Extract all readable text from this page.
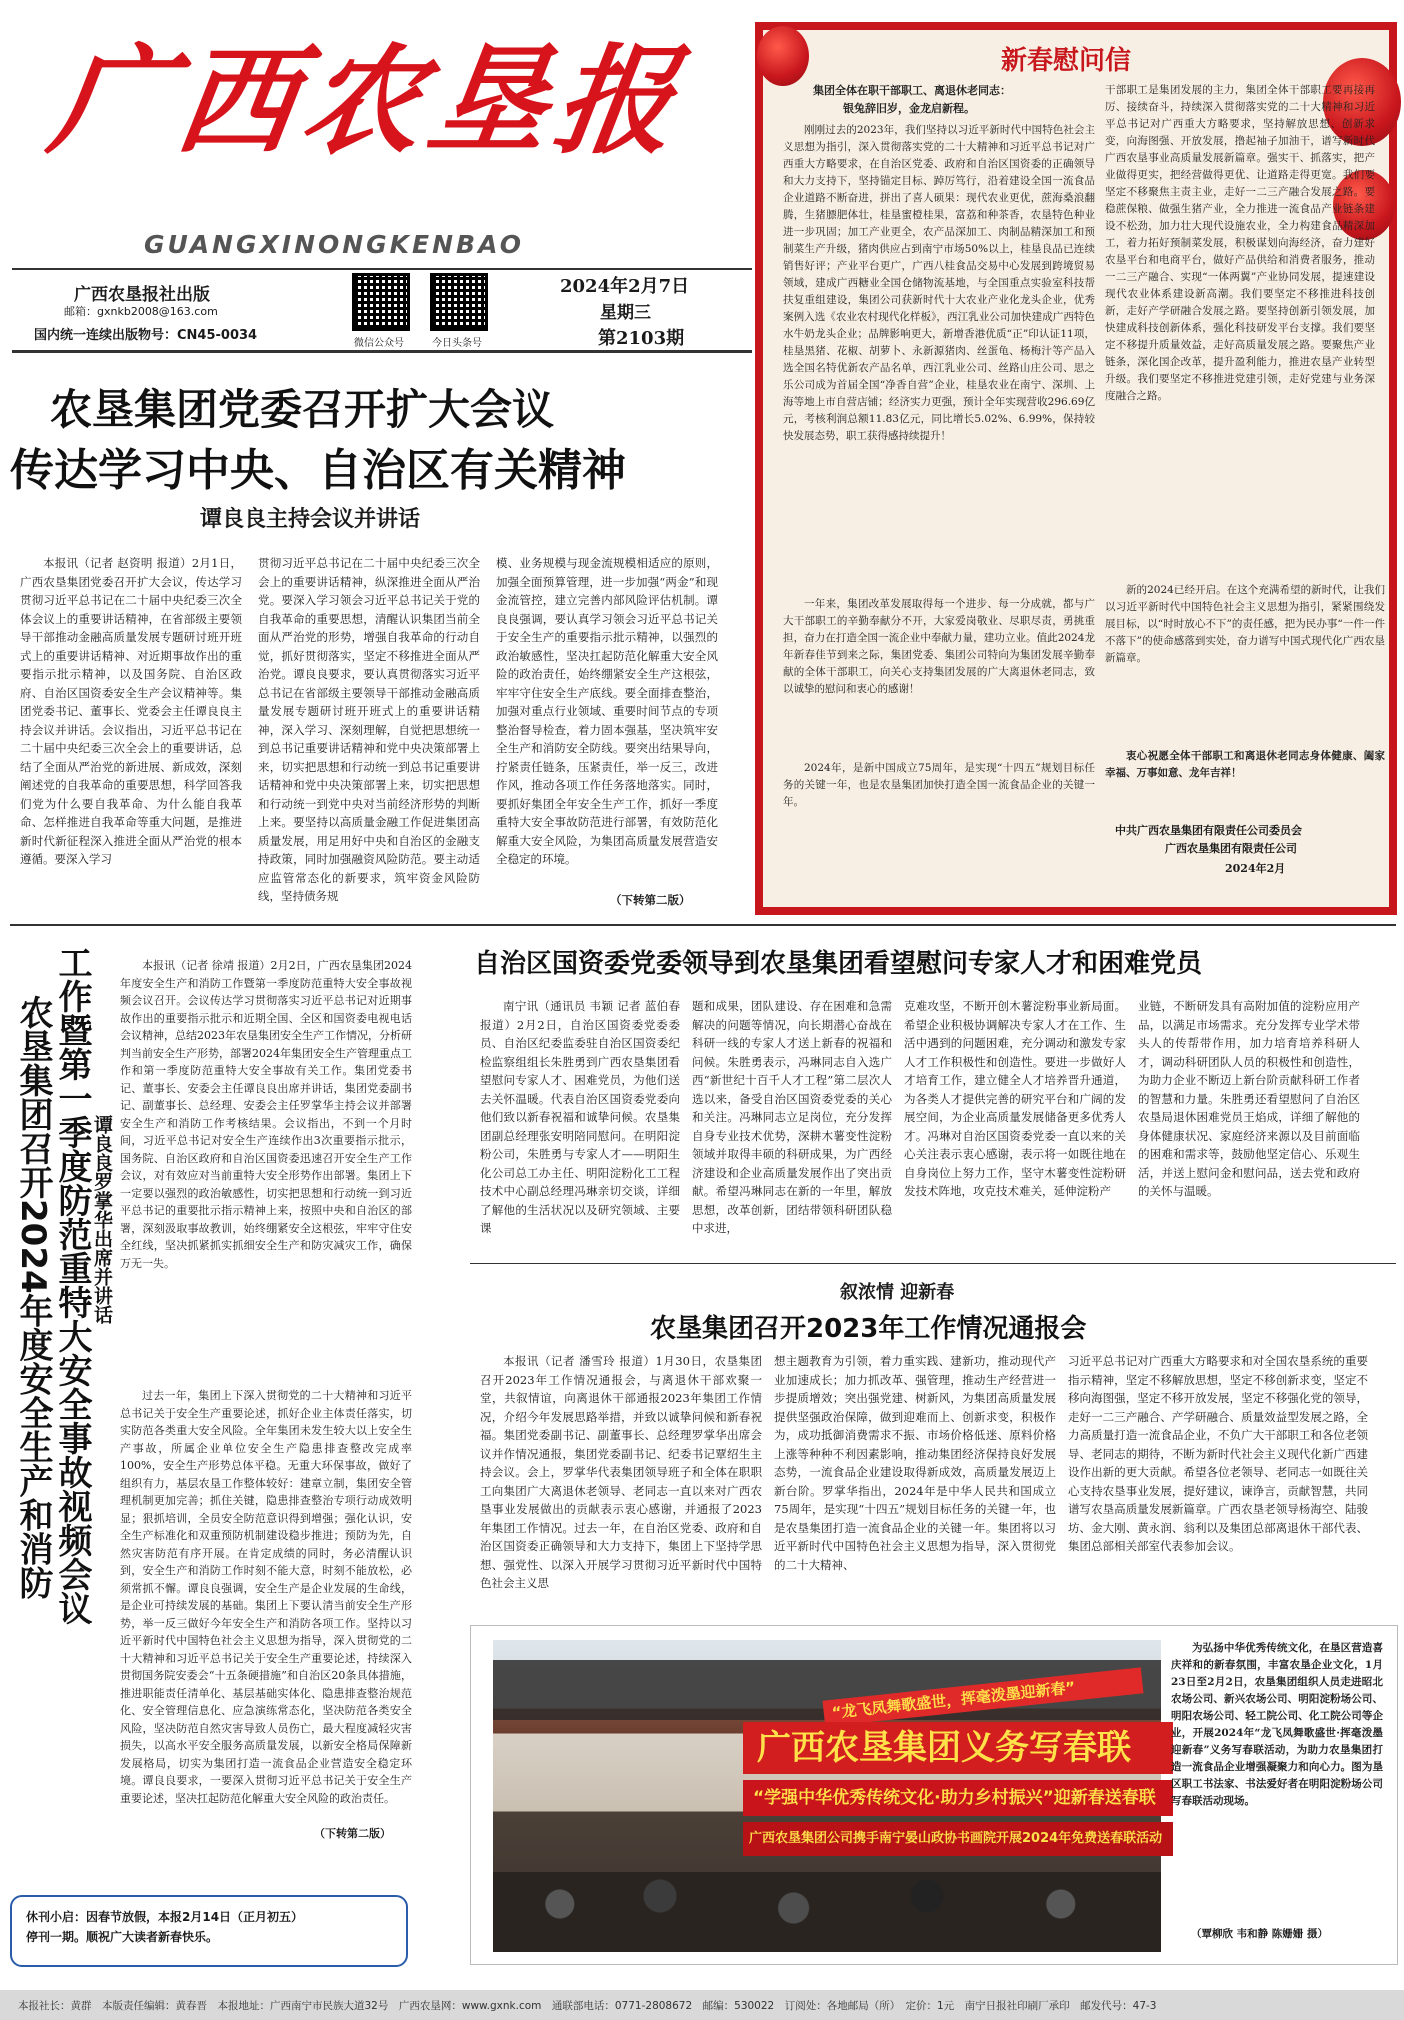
广西农垦报
GUANGXINONGKENBAO
广西农垦报社出版
邮箱：gxnkb2008@163.com
国内统一连续出版物号：CN45-0034
微信公众号	今日头条号
2024年2月7日
星期三
第2103期
农垦集团党委召开扩大会议
传达学习中央、自治区有关精神
谭良良主持会议并讲话
本报讯（记者 赵资明 报道）2月1日，广西农垦集团党委召开扩大会议，传达学习贯彻习近平总书记在二十届中央纪委三次全体会议上的重要讲话精神，在省部级主要领导干部推动金融高质量发展专题研讨班开班式上的重要讲话精神、对近期事故作出的重要指示批示精神，以及国务院、自治区政府、自治区国资委安全生产会议精神等。集团党委书记、董事长、党委会主任谭良良主持会议并讲话。会议指出，习近平总书记在二十届中央纪委三次全会上的重要讲话，总结了全面从严治党的新进展、新成效，深刻阐述党的自我革命的重要思想，科学回答我们党为什么要自我革命、为什么能自我革命、怎样推进自我革命等重大问题，是推进新时代新征程深入推进全面从严治党的根本遵循。要深入学习
贯彻习近平总书记在二十届中央纪委三次全会上的重要讲话精神，纵深推进全面从严治党。要深入学习领会习近平总书记关于党的自我革命的重要思想，清醒认识集团当前全面从严治党的形势，增强自我革命的行动自觉，抓好贯彻落实，坚定不移推进全面从严治党。谭良良要求，要认真贯彻落实习近平总书记在省部级主要领导干部推动金融高质量发展专题研讨班开班式上的重要讲话精神，深入学习、深刻理解，自觉把思想统一到总书记重要讲话精神和党中央决策部署上来，切实把思想和行动统一到总书记重要讲话精神和党中央决策部署上来，切实把思想和行动统一到党中央对当前经济形势的判断上来。要坚持以高质量金融工作促进集团高质量发展，用足用好中央和自治区的金融支持政策，同时加强融资风险防范。要主动适应监管常态化的新要求，筑牢资金风险防线，坚持债务规
模、业务规模与现金流规模相适应的原则，加强全面预算管理，进一步加强“两金”和现金流管控，建立完善内部风险评估机制。谭良良强调，要认真学习领会习近平总书记关于安全生产的重要指示批示精神，以强烈的政治敏感性，坚决扛起防范化解重大安全风险的政治责任，始终绷紧安全生产这根弦，牢牢守住安全生产底线。要全面排查整治，加强对重点行业领域、重要时间节点的专项整治督导检查，着力固本强基，坚决筑牢安全生产和消防安全防线。要突出结果导向，拧紧责任链条，压紧责任，举一反三，改进作风，推动各项工作任务落地落实。同时，要抓好集团全年安全生产工作，抓好一季度重特大安全事故防范进行部署，有效防范化解重大安全风险，为集团高质量发展营造安全稳定的环境。
（下转第二版）
新春慰问信
集团全体在职干部职工、离退休老同志：
银兔辞旧岁，金龙启新程。
刚刚过去的2023年，我们坚持以习近平新时代中国特色社会主义思想为指引，深入贯彻落实党的二十大精神和习近平总书记对广西重大方略要求，在自治区党委、政府和自治区国资委的正确领导和大力支持下，坚持锚定目标、踔厉笃行，沿着建设全国一流食品企业道路不断奋进，拼出了喜人硕果：现代农业更优，蔗海桑浪翻腾，生猪膘肥体壮，桂垦蜜橙桂果，富荔和种茶香，农垦特色种业进一步巩固；加工产业更全，农产品深加工、肉制品精深加工和预制菜生产升级，猪肉供应占到南宁市场50%以上，桂垦良品已连续销售好评；产业平台更广，广西八桂食品交易中心发展到跨境贸易领域，建成广西糖业全国仓储物流基地，与全国重点实验室科技帮扶复重组建设，集团公司获新时代十大农业产业化龙头企业，优秀案例入选《农业农村现代化样板》，西江乳业公司加快建成广西特色水牛奶龙头企业；品牌影响更大，新增香港优质“正”印认证11项，桂垦黑猪、花椒、胡萝卜、永新源猪肉、丝蛋龟、杨梅汁等产品入选全国名特优新农产品名单，西江乳业公司、丝路山庄公司、思之乐公司成为首届全国“净香自营”企业，桂垦农业在南宁、深圳、上海等地上市自营店铺；经济实力更强，预计全年实现营收296.69亿元，考核利润总额11.83亿元，同比增长5.02%、6.99%，保持较快发展态势，职工获得感持续提升！
一年来，集团改革发展取得每一个进步、每一分成就，都与广大干部职工的辛勤奉献分不开，大家爱岗敬业、尽职尽责，勇挑重担，奋力在打造全国一流企业中奉献力量，建功立业。值此2024龙年新春佳节到来之际，集团党委、集团公司特向为集团发展辛勤奉献的全体干部职工，向关心支持集团发展的广大离退休老同志，致以诚挚的慰问和衷心的感谢！
2024年，是新中国成立75周年，是实现“十四五”规划目标任务的关键一年，也是农垦集团加快打造全国一流食品企业的关键一年。
干部职工是集团发展的主力，集团全体干部职工要再接再厉、接续奋斗，持续深入贯彻落实党的二十大精神和习近平总书记对广西重大方略要求，坚持解放思想、创新求变，向海图强、开放发展，撸起袖子加油干，谱写新时代广西农垦事业高质量发展新篇章。强实干、抓落实，把产业做得更实，把经营做得更优、让道路走得更宽。我们要坚定不移聚焦主责主业，走好一二三产融合发展之路。要稳蔗保粮、做强生猪产业，全力推进一流食品产业链条建设不松劲，加力壮大现代设施农业，全力构建食品精深加工，着力拓好预制菜发展，积极谋划向海经济，奋力建好农垦平台和电商平台，做好产品供给和消费者服务，推动一二三产融合、实现“一体两翼”产业协同发展，提速建设现代农业体系建设新高潮。我们要坚定不移推进科技创新，走好产学研融合发展之路。要坚持创新引领发展，加快建成科技创新体系，强化科技研发平台支撑。我们要坚定不移提升质量效益，走好高质量发展之路。要聚焦产业链条，深化国企改革，提升盈利能力，推进农垦产业转型升级。我们要坚定不移推进党建引领，走好党建与业务深度融合之路。
新的2024已经开启。在这个充满希望的新时代，让我们以习近平新时代中国特色社会主义思想为指引，紧紧围绕发展目标，以“时时放心不下”的责任感，把为民办事“一件一件不落下”的使命感落到实处，奋力谱写中国式现代化广西农垦新篇章。
衷心祝愿全体干部职工和离退休老同志身体健康、阖家幸福、万事如意、龙年吉祥！
中共广西农垦集团有限责任公司委员会
广西农垦集团有限责任公司
2024年2月
农垦集团召开2024年度安全生产和消防 工作暨第一季度防范重特大安全事故视频会议 谭良良罗掌华出席并讲话
本报讯（记者 徐靖 报道）2月2日，广西农垦集团2024年度安全生产和消防工作暨第一季度防范重特大安全事故视频会议召开。会议传达学习贯彻落实习近平总书记对近期事故作出的重要指示批示和近期全国、全区和国资委电视电话会议精神，总结2023年农垦集团安全生产工作情况，分析研判当前安全生产形势，部署2024年集团安全生产管理重点工作和第一季度防范重特大安全事故有关工作。集团党委书记、董事长、安委会主任谭良良出席并讲话，集团党委副书记、副董事长、总经理、安委会主任罗掌华主持会议并部署安全生产和消防工作考核结果。会议指出，不到一个月时间，习近平总书记对安全生产连续作出3次重要指示批示，国务院、自治区政府和自治区国资委迅速召开安全生产工作会议，对有效应对当前重特大安全形势作出部署。集团上下一定要以强烈的政治敏感性，切实把思想和行动统一到习近平总书记的重要批示指示精神上来，按照中央和自治区的部署，深刻汲取事故教训，始终绷紧安全这根弦，牢牢守住安全红线，坚决抓紧抓实抓细安全生产和防灾减灾工作，确保万无一失。
过去一年，集团上下深入贯彻党的二十大精神和习近平总书记关于安全生产重要论述，抓好企业主体责任落实，切实防范各类重大安全风险。全年集团未发生较大以上安全生产事故，所属企业单位安全生产隐患排查整改完成率100%，安全生产形势总体平稳。无重大环保事故，做好了组织有力，基层农垦工作整体较好：建章立制，集团安全管理机制更加完善；抓住关键，隐患排查整治专项行动成效明显；狠抓培训，全员安全防范意识得到增强；强化认识，安全生产标准化和双重预防机制建设稳步推进；预防为先，自然灾害防范有序开展。在肯定成绩的同时，务必清醒认识到，安全生产和消防工作时刻不能大意，时刻不能放松，必须常抓不懈。谭良良强调，安全生产是企业发展的生命线，是企业可持续发展的基础。集团上下要认清当前安全生产形势，举一反三做好今年安全生产和消防各项工作。坚持以习近平新时代中国特色社会主义思想为指导，深入贯彻党的二十大精神和习近平总书记关于安全生产重要论述，持续深入贯彻国务院安委会“十五条硬措施”和自治区20条具体措施，推进职能责任清单化、基层基础实体化、隐患排查整治规范化、安全管理信息化、应急演练常态化，坚决防范各类安全风险，坚决防范自然灾害导致人员伤亡，最大程度减轻灾害损失，以高水平安全服务高质量发展，以新安全格局保障新发展格局，切实为集团打造一流食品企业营造安全稳定环境。谭良良要求，一要深入贯彻习近平总书记关于安全生产重要论述，坚决扛起防范化解重大安全风险的政治责任。
（下转第二版）
自治区国资委党委领导到农垦集团看望慰问专家人才和困难党员
南宁讯（通讯员 韦颖 记者 蓝伯春 报道）2月2日，自治区国资委党委委员、自治区纪委监委驻自治区国资委纪检监察组组长朱胜勇到广西农垦集团看望慰问专家人才、困难党员，为他们送去关怀温暖。代表自治区国资委党委向他们致以新春祝福和诚挚问候。农垦集团副总经理张安明陪同慰问。在明阳淀粉公司，朱胜勇与专家人才——明阳生化公司总工办主任、明阳淀粉化工工程技术中心副总经理冯琳亲切交谈，详细了解他的生活状况以及研究领域、主要课
题和成果，团队建设、存在困难和急需解决的问题等情况，向长期潜心奋战在科研一线的专家人才送上新春的祝福和问候。朱胜勇表示，冯琳同志自入选广西“新世纪十百千人才工程”第二层次人选以来，备受自治区国资委党委的关心和关注。冯琳同志立足岗位，充分发挥自身专业技术优势，深耕木薯变性淀粉领域并取得丰硕的科研成果，为广西经济建设和企业高质量发展作出了突出贡献。希望冯琳同志在新的一年里，解放思想，改革创新，团结带领科研团队稳中求进，
克难攻坚，不断开创木薯淀粉事业新局面。希望企业积极协调解决专家人才在工作、生活中遇到的问题困难，充分调动和激发专家人才工作积极性和创造性。要进一步做好人才培育工作，建立健全人才培养晋升通道，为各类人才提供完善的研究平台和广阔的发展空间，为企业高质量发展储备更多优秀人才。冯琳对自治区国资委党委一直以来的关心关注表示衷心感谢，表示将一如既往地在自身岗位上努力工作，坚守木薯变性淀粉研发技术阵地，攻克技术难关，延伸淀粉产
业链，不断研发具有高附加值的淀粉应用产品，以满足市场需求。充分发挥专业学术带头人的传帮带作用，加力培育培养科研人才，调动科研团队人员的积极性和创造性，为助力企业不断迈上新台阶贡献科研工作者的智慧和力量。朱胜勇还看望慰问了自治区农垦局退休困难党员王焰成，详细了解他的身体健康状况、家庭经济来源以及目前面临的困难和需求等，鼓励他坚定信心、乐观生活，并送上慰问金和慰问品，送去党和政府的关怀与温暖。
叙浓情 迎新春
农垦集团召开2023年工作情况通报会
本报讯（记者 潘雪玲 报道）1月30日，农垦集团召开2023年工作情况通报会，与离退休干部欢聚一堂，共叙情谊，向离退休干部通报2023年集团工作情况，介绍今年发展思路举措，并致以诚挚问候和新春祝福。集团党委副书记、副董事长、总经理罗掌华出席会议并作情况通报，集团党委副书记、纪委书记覃绍生主持会议。会上，罗掌华代表集团领导班子和全体在职职工向集团广大离退休老领导、老同志一直以来对广西农垦事业发展做出的贡献表示衷心感谢，并通报了2023年集团工作情况。过去一年，在自治区党委、政府和自治区国资委正确领导和大力支持下，集团上下坚持学思想、强党性、以深入开展学习贯彻习近平新时代中国特色社会主义思
想主题教育为引领，着力重实践、建新功，推动现代产业加速成长；加力抓改革、强管理，推动生产经营进一步提质增效；突出强党建、树新风，为集团高质量发展提供坚强政治保障，做到迎难而上、创新求变，积极作为，成功抵御消费需求不振、市场价格低迷、原料价格上涨等种种不利因素影响，推动集团经济保持良好发展态势，一流食品企业建设取得新成效，高质量发展迈上新台阶。罗掌华指出，2024年是中华人民共和国成立75周年，是实现“十四五”规划目标任务的关键一年，也是农垦集团打造一流食品企业的关键一年。集团将以习近平新时代中国特色社会主义思想为指导，深入贯彻党的二十大精神、
习近平总书记对广西重大方略要求和对全国农垦系统的重要指示精神，坚定不移解放思想，坚定不移创新求变，坚定不移向海图强，坚定不移开放发展，坚定不移强化党的领导，走好一二三产融合、产学研融合、质量效益型发展之路，全力高质量打造一流食品企业，不负广大干部职工和各位老领导、老同志的期待，不断为新时代社会主义现代化新广西建设作出新的更大贡献。希望各位老领导、老同志一如既往关心支持农垦事业发展，提好建议，谏诤言，贡献智慧，共同谱写农垦高质量发展新篇章。广西农垦老领导杨海空、陆骏坊、金大刚、黄永润、翁利以及集团总部离退休干部代表、集团总部相关部室代表参加会议。
“龙飞凤舞歌盛世，挥毫泼墨迎新春”
广西农垦集团义务写春联
“学强中华优秀传统文化·助力乡村振兴”迎新春送春联
广西农垦集团公司携手南宁晏山政协书画院开展2024年免费送春联活动
为弘扬中华优秀传统文化，在垦区营造喜庆祥和的新春氛围，丰富农垦企业文化，1月23日至2月2日，农垦集团组织人员走进昭北农场公司、新兴农场公司、明阳淀粉场公司、明阳农场公司、轻工院公司、化工院公司等企业，开展2024年“龙飞凤舞歌盛世·挥毫泼墨迎新春”义务写春联活动，为助力农垦集团打造一流食品企业增强凝聚力和向心力。图为垦区职工书法家、书法爱好者在明阳淀粉场公司写春联活动现场。
（覃柳欣 韦和静 陈姗姗 摄）
休刊小启：因春节放假，本报2月14日（正月初五）
停刊一期。顺祝广大读者新春快乐。
本报社长：黄群　本版责任编辑：黄春晋　本报地址：广西南宁市民族大道32号　广西农垦网：www.gxnk.com　通联部电话：0771-2808672　邮编：530022　订阅处：各地邮局（所）　定价：1元　南宁日报社印刷厂承印　邮发代号：47-3
